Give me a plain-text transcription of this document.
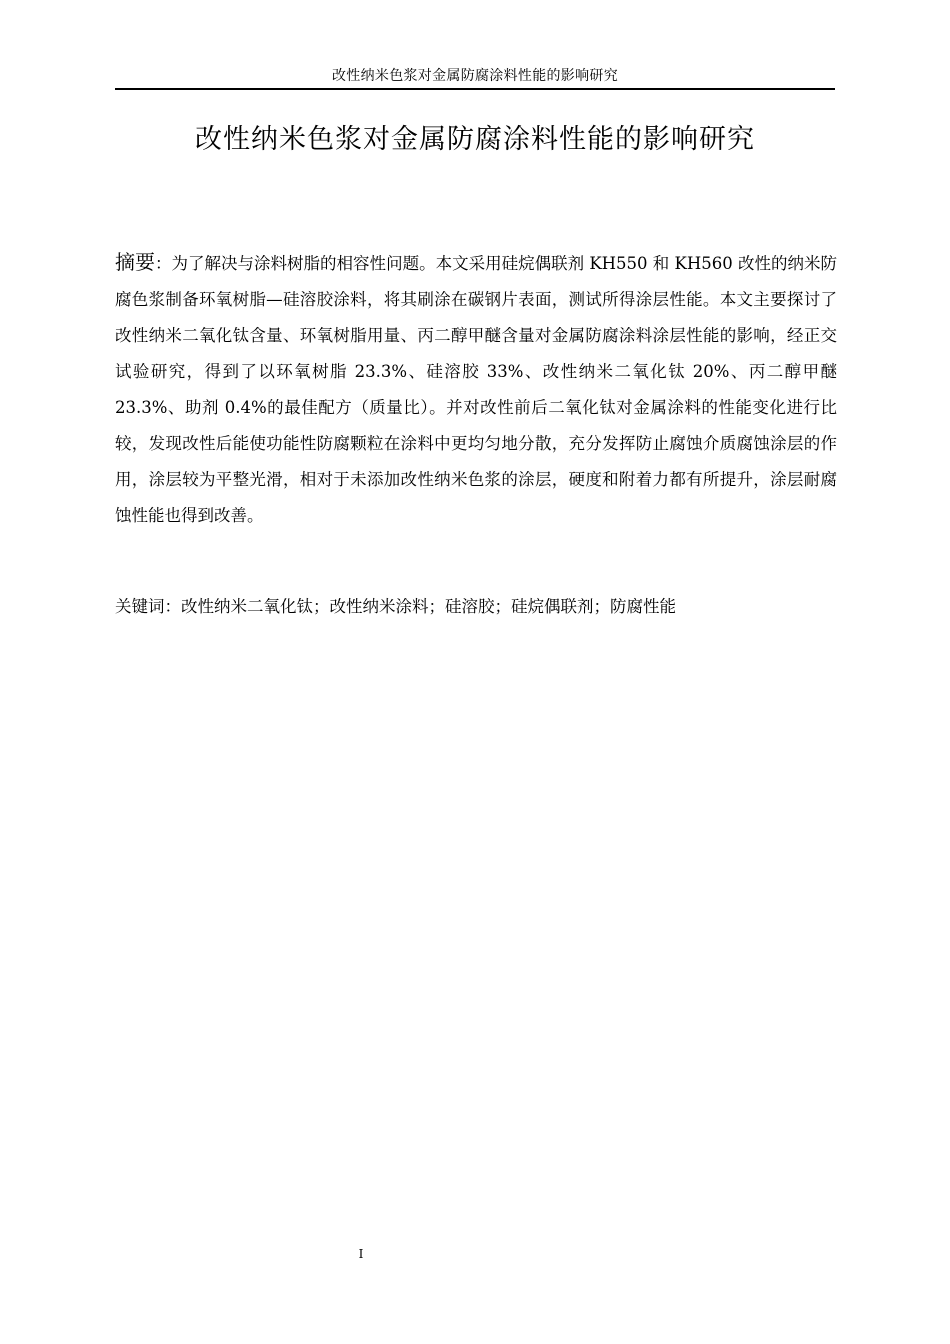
改性纳米色浆对金属防腐涂料性能的影响研究
改性纳米色浆对金属防腐涂料性能的影响研究

摘要：为了解决与涂料树脂的相容性问题。本文采用硅烷偶联剂 KH550 和 KH560 改性的纳米防腐色浆制备环氧树脂—硅溶胶涂料，将其刷涂在碳钢片表面，测试所得涂层性能。本文主要探讨了改性纳米二氧化钛含量、环氧树脂用量、丙二醇甲醚含量对金属防腐涂料涂层性能的影响，经正交试验研究，得到了以环氧树脂 23.3%、硅溶胶 33%、改性纳米二氧化钛 20%、丙二醇甲醚 23.3%、助剂 0.4%的最佳配方（质量比）。并对改性前后二氧化钛对金属涂料的性能变化进行比较，发现改性后能使功能性防腐颗粒在涂料中更均匀地分散，充分发挥防止腐蚀介质腐蚀涂层的作用，涂层较为平整光滑，相对于未添加改性纳米色浆的涂层，硬度和附着力都有所提升，涂层耐腐蚀性能也得到改善。

关键词：改性纳米二氧化钛；改性纳米涂料；硅溶胶；硅烷偶联剂；防腐性能

I
